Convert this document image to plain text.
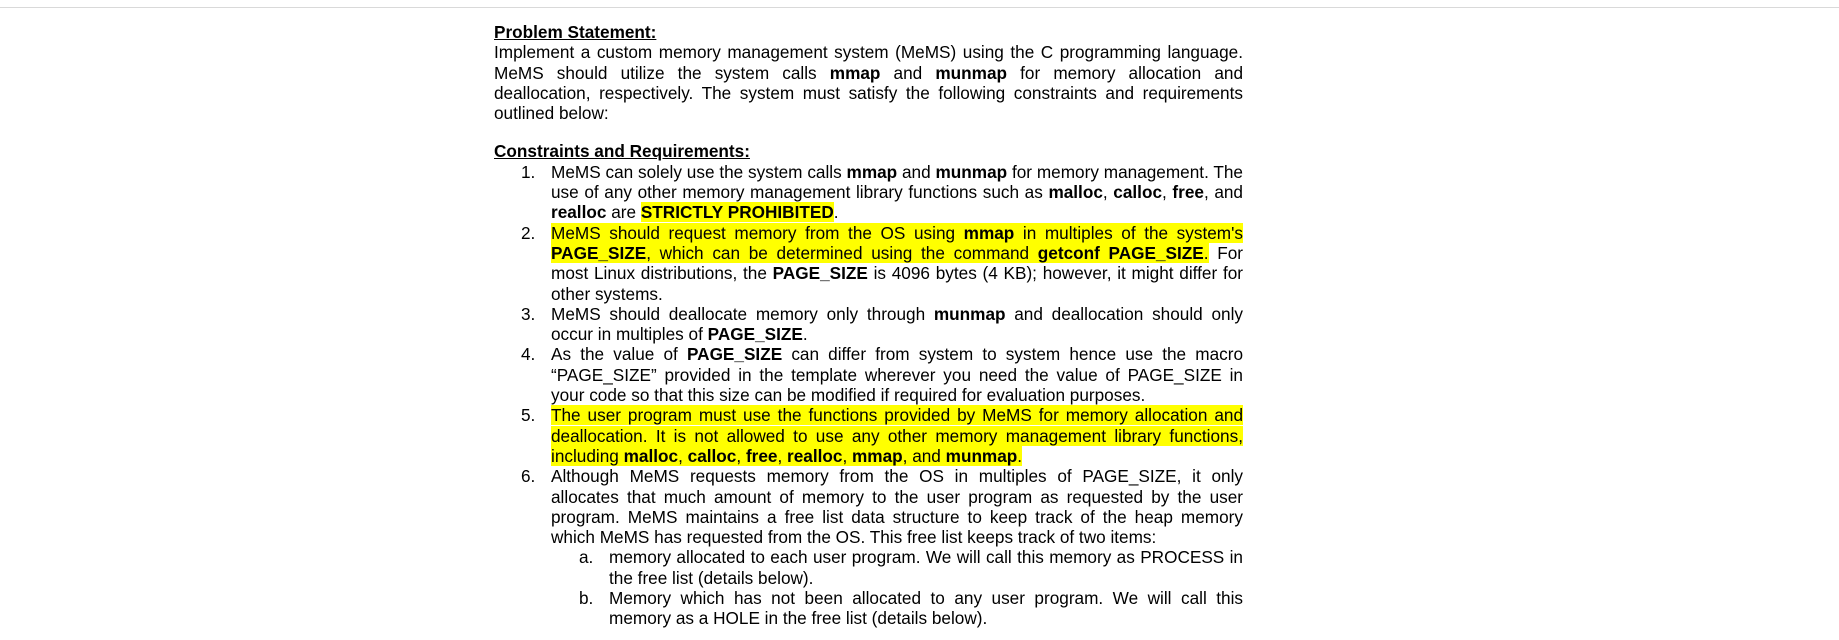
Problem Statement:

Implement a custom memory management system (MeMS) using the C programming language. MeMS should utilize the system calls mmap and munmap for memory allocation and deallocation, respectively. The system must satisfy the following constraints and requirements outlined below:

Constraints and Requirements:
1. MeMS can solely use the system calls mmap and munmap for memory management. The use of any other memory management library functions such as malloc, calloc, free, and realloc are STRICTLY PROHIBITED.
2. MeMS should request memory from the OS using mmap in multiples of the system's PAGE_SIZE, which can be determined using the command getconf PAGE_SIZE. For most Linux distributions, the PAGE_SIZE is 4096 bytes (4 KB); however, it might differ for other systems.
3. MeMS should deallocate memory only through munmap and deallocation should only occur in multiples of PAGE_SIZE.
4. As the value of PAGE_SIZE can differ from system to system hence use the macro “PAGE_SIZE” provided in the template wherever you need the value of PAGE_SIZE in your code so that this size can be modified if required for evaluation purposes.
5. The user program must use the functions provided by MeMS for memory allocation and deallocation. It is not allowed to use any other memory management library functions, including malloc, calloc, free, realloc, mmap, and munmap.
6. Although MeMS requests memory from the OS in multiples of PAGE_SIZE, it only allocates that much amount of memory to the user program as requested by the user program. MeMS maintains a free list data structure to keep track of the heap memory which MeMS has requested from the OS. This free list keeps track of two items:
a. memory allocated to each user program. We will call this memory as PROCESS in the free list (details below).
b. Memory which has not been allocated to any user program. We will call this memory as a HOLE in the free list (details below).
